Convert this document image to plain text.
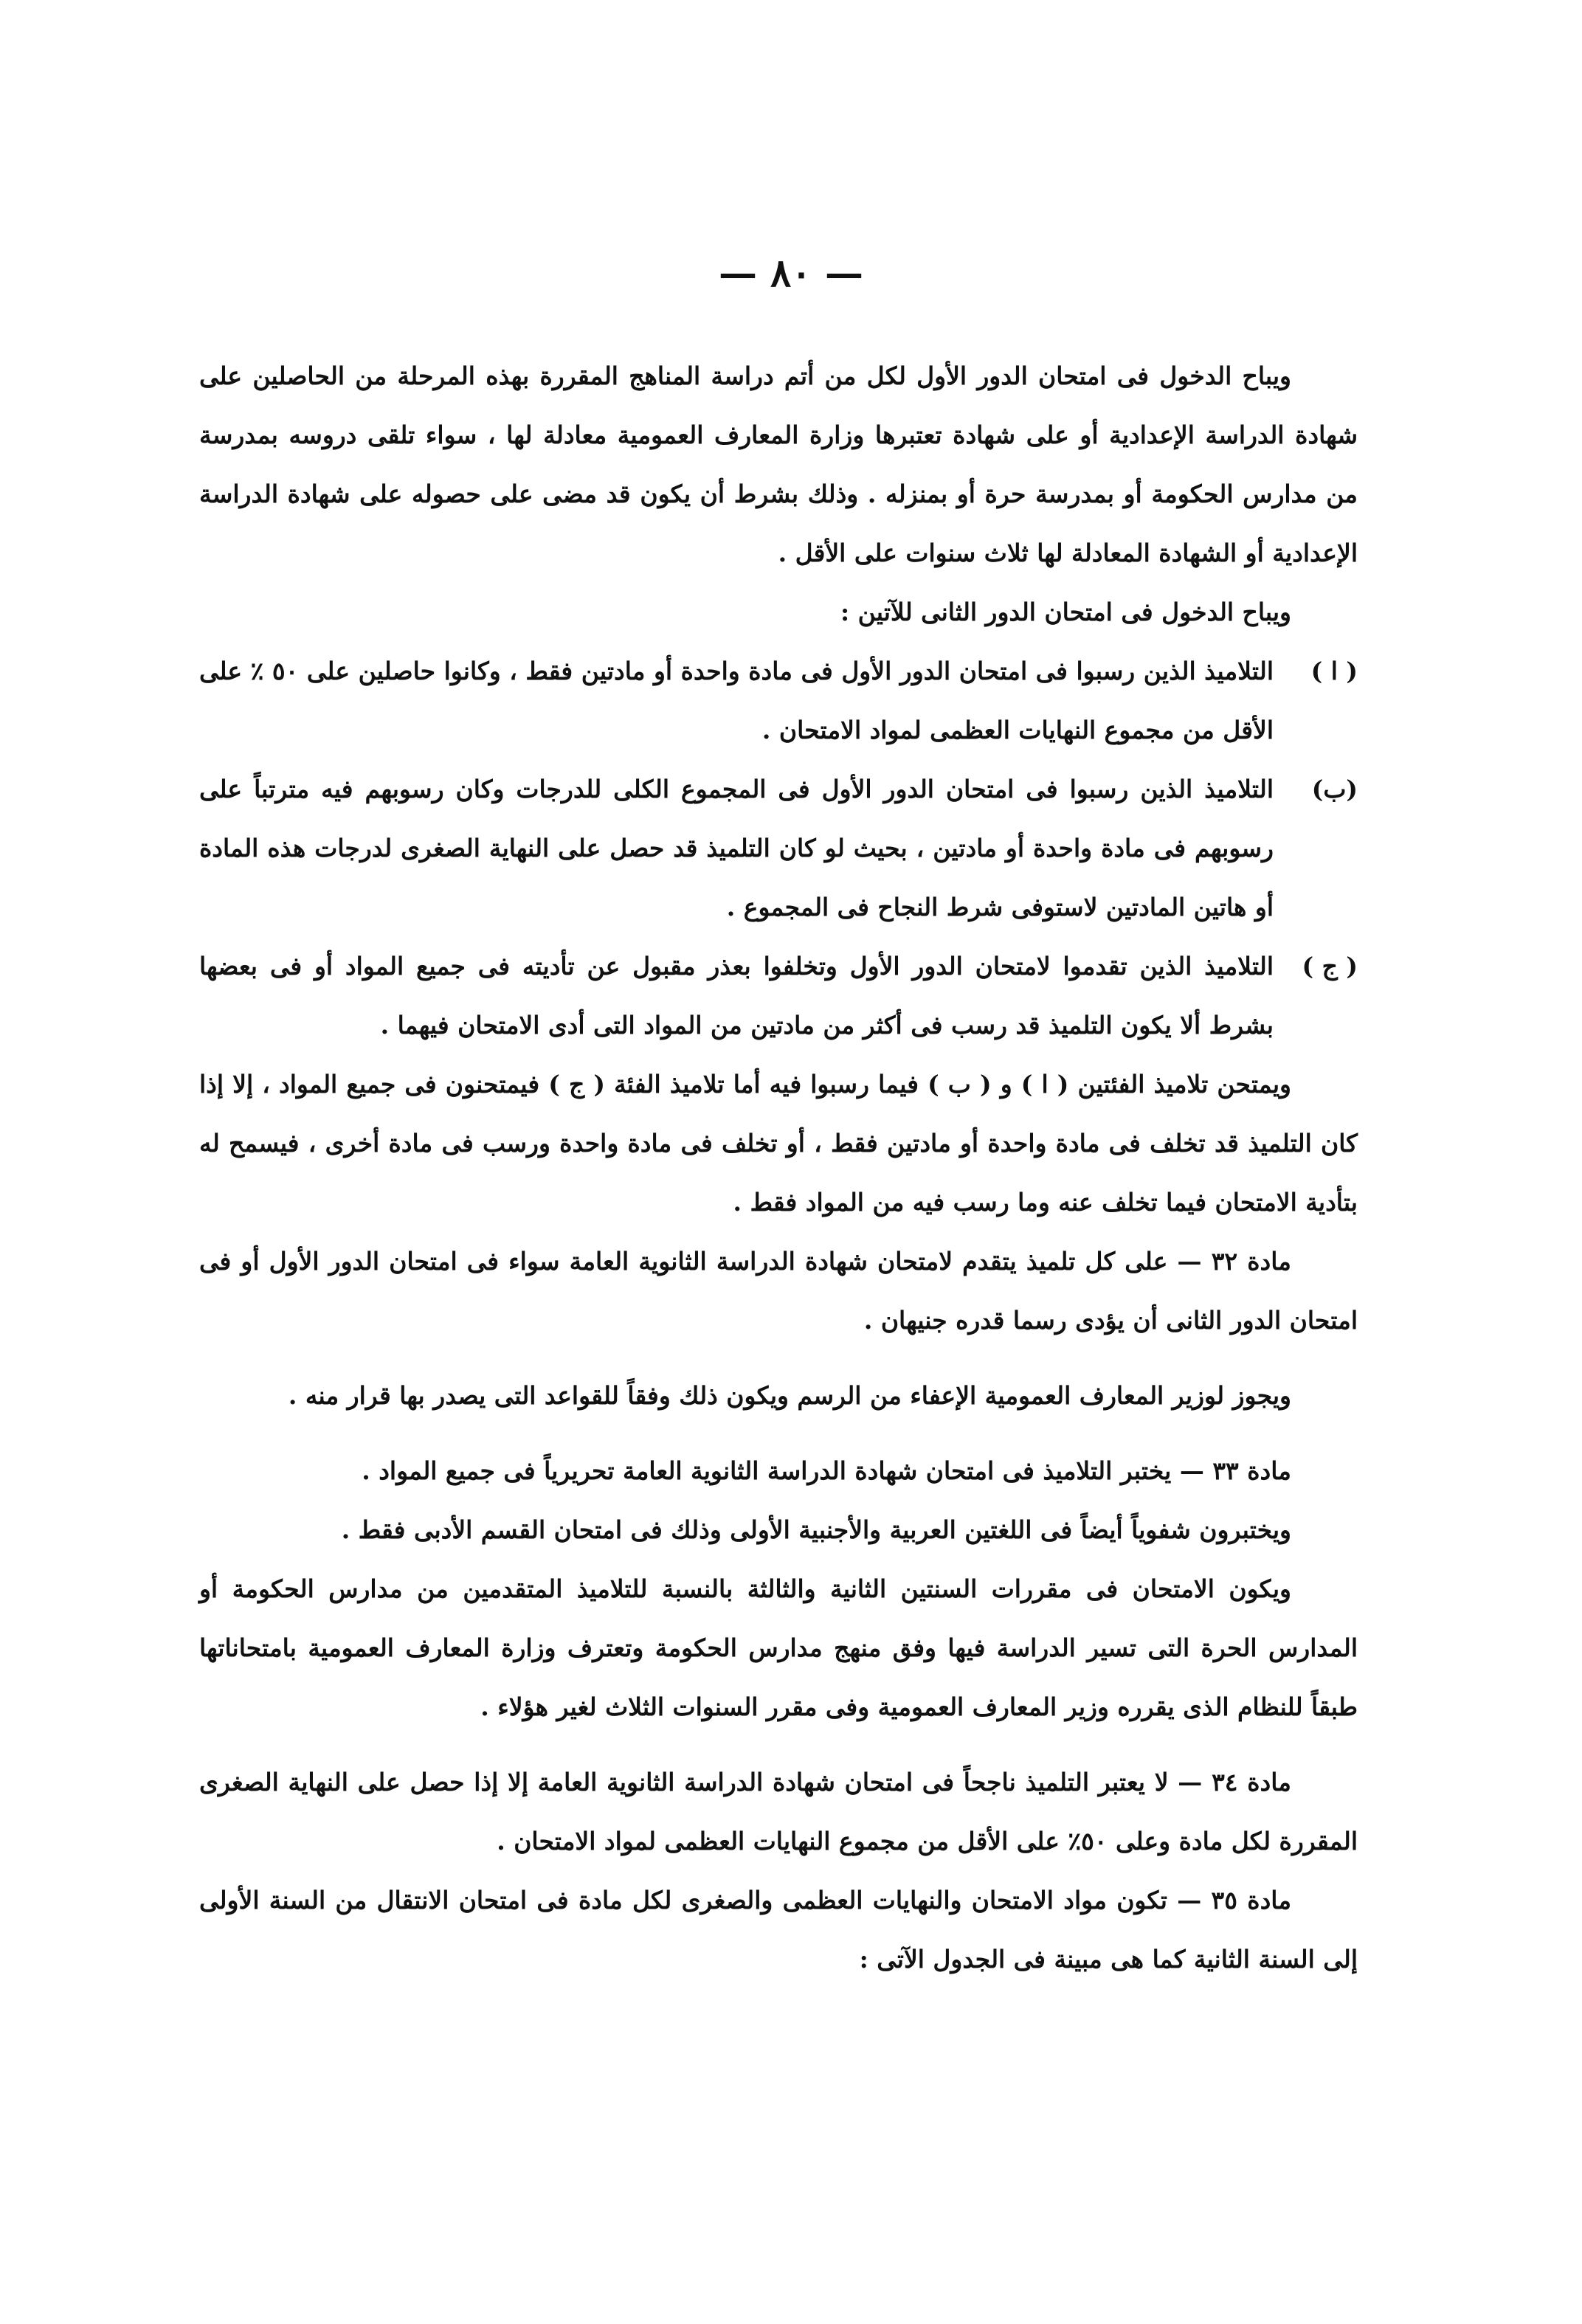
— ٨٠ —

ويباح الدخول فى امتحان الدور الأول لكل من أتم دراسة المناهج المقررة بهذه المرحلة من الحاصلين على شهادة الدراسة الإعدادية أو على شهادة تعتبرها وزارة المعارف العمومية معادلة لها ، سواء تلقى دروسه بمدرسة من مدارس الحكومة أو بمدرسة حرة أو بمنزله . وذلك بشرط أن يكون قد مضى على حصوله على شهادة الدراسة الإعدادية أو الشهادة المعادلة لها ثلاث سنوات على الأقل .

ويباح الدخول فى امتحان الدور الثانى للآتين :

( ا )
التلاميذ الذين رسبوا فى امتحان الدور الأول فى مادة واحدة أو مادتين فقط ، وكانوا حاصلين على ٥٠ ٪ على الأقل من مجموع النهايات العظمى لمواد الامتحان .
(ب)
التلاميذ الذين رسبوا فى امتحان الدور الأول فى المجموع الكلى للدرجات وكان رسوبهم فيه مترتباً على رسوبهم فى مادة واحدة أو مادتين ، بحيث لو كان التلميذ قد حصل على النهاية الصغرى لدرجات هذه المادة أو هاتين المادتين لاستوفى شرط النجاح فى المجموع .
( ج )
التلاميذ الذين تقدموا لامتحان الدور الأول وتخلفوا بعذر مقبول عن تأديته فى جميع المواد أو فى بعضها بشرط ألا يكون التلميذ قد رسب فى أكثر من مادتين من المواد التى أدى الامتحان فيهما .

ويمتحن تلاميذ الفئتين ( ا ) و ( ب ) فيما رسبوا فيه أما تلاميذ الفئة ( ج ) فيمتحنون فى جميع المواد ، إلا إذا كان التلميذ قد تخلف فى مادة واحدة أو مادتين فقط ، أو تخلف فى مادة واحدة ورسب فى مادة أخرى ، فيسمح له بتأدية الامتحان فيما تخلف عنه وما رسب فيه من المواد فقط .

مادة ٣٢ — على كل تلميذ يتقدم لامتحان شهادة الدراسة الثانوية العامة سواء فى امتحان الدور الأول أو فى امتحان الدور الثانى أن يؤدى رسما قدره جنيهان .

ويجوز لوزير المعارف العمومية الإعفاء من الرسم ويكون ذلك وفقاً للقواعد التى يصدر بها قرار منه .

مادة ٣٣ — يختبر التلاميذ فى امتحان شهادة الدراسة الثانوية العامة تحريرياً فى جميع المواد .

ويختبرون شفوياً أيضاً فى اللغتين العربية والأجنبية الأولى وذلك فى امتحان القسم الأدبى فقط .

ويكون الامتحان فى مقررات السنتين الثانية والثالثة بالنسبة للتلاميذ المتقدمين من مدارس الحكومة أو المدارس الحرة التى تسير الدراسة فيها وفق منهج مدارس الحكومة وتعترف وزارة المعارف العمومية بامتحاناتها طبقاً للنظام الذى يقرره وزير المعارف العمومية وفى مقرر السنوات الثلاث لغير هؤلاء .

مادة ٣٤ — لا يعتبر التلميذ ناجحاً فى امتحان شهادة الدراسة الثانوية العامة إلا إذا حصل على النهاية الصغرى المقررة لكل مادة وعلى ٥٠٪ على الأقل من مجموع النهايات العظمى لمواد الامتحان .

مادة ٣٥ — تكون مواد الامتحان والنهايات العظمى والصغرى لكل مادة فى امتحان الانتقال من السنة الأولى إلى السنة الثانية كما هى مبينة فى الجدول الآتى :
